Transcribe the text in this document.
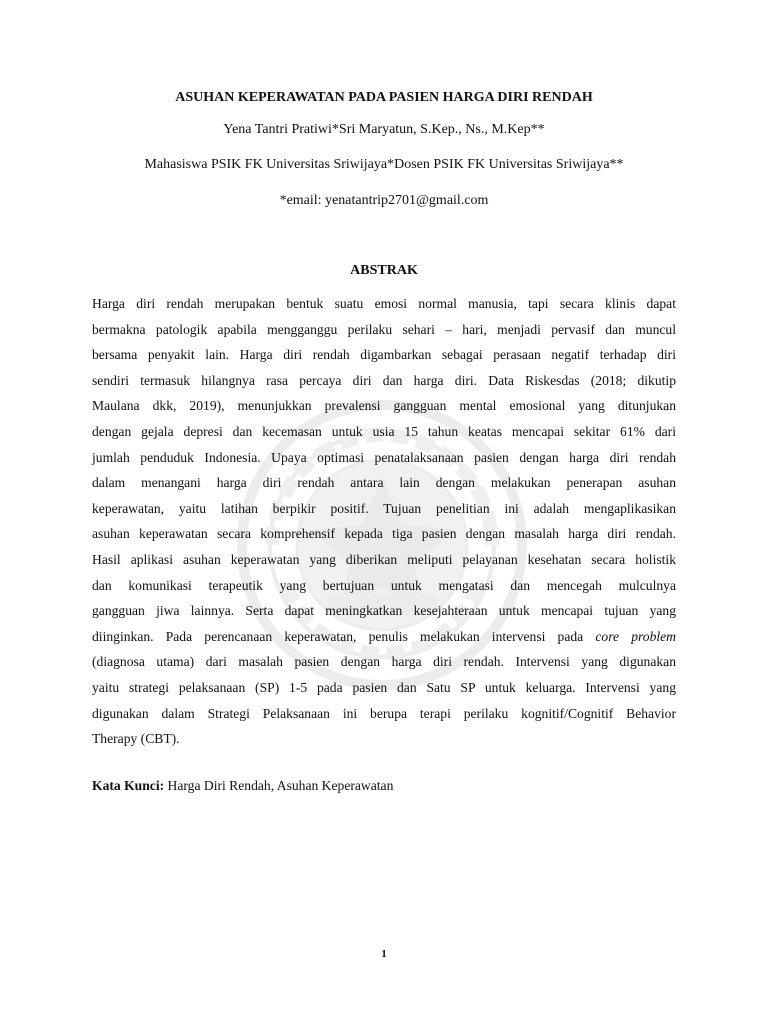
ASUHAN KEPERAWATAN PADA PASIEN HARGA DIRI RENDAH
Yena Tantri Pratiwi*Sri Maryatun, S.Kep., Ns., M.Kep**
Mahasiswa PSIK FK Universitas Sriwijaya*Dosen PSIK FK Universitas Sriwijaya**
*email: yenatantrip2701@gmail.com
ABSTRAK
Harga diri rendah merupakan bentuk suatu emosi normal manusia, tapi secara klinis dapat
bermakna patologik apabila mengganggu perilaku sehari – hari, menjadi pervasif dan muncul
bersama penyakit lain. Harga diri rendah digambarkan sebagai perasaan negatif terhadap diri
sendiri termasuk hilangnya rasa percaya diri dan harga diri. Data Riskesdas (2018; dikutip
Maulana dkk, 2019), menunjukkan prevalensi gangguan mental emosional yang ditunjukan
dengan gejala depresi dan kecemasan untuk usia 15 tahun keatas mencapai sekitar 61% dari
jumlah penduduk Indonesia. Upaya optimasi penatalaksanaan pasien dengan harga diri rendah
dalam menangani harga diri rendah antara lain dengan melakukan penerapan asuhan
keperawatan, yaitu latihan berpikir positif. Tujuan penelitian ini adalah mengaplikasikan
asuhan keperawatan secara komprehensif kepada tiga pasien dengan masalah harga diri rendah.
Hasil aplikasi asuhan keperawatan yang diberikan meliputi pelayanan kesehatan secara holistik
dan komunikasi terapeutik yang bertujuan untuk mengatasi dan mencegah mulculnya
gangguan jiwa lainnya. Serta dapat meningkatkan kesejahteraan untuk mencapai tujuan yang
diinginkan. Pada perencanaan keperawatan, penulis melakukan intervensi pada core problem
(diagnosa utama) dari masalah pasien dengan harga diri rendah. Intervensi yang digunakan
yaitu strategi pelaksanaan (SP) 1-5 pada pasien dan Satu SP untuk keluarga. Intervensi yang
digunakan dalam Strategi Pelaksanaan ini berupa terapi perilaku kognitif/Cognitif Behavior
Therapy (CBT).
Kata Kunci: Harga Diri Rendah, Asuhan Keperawatan
1
